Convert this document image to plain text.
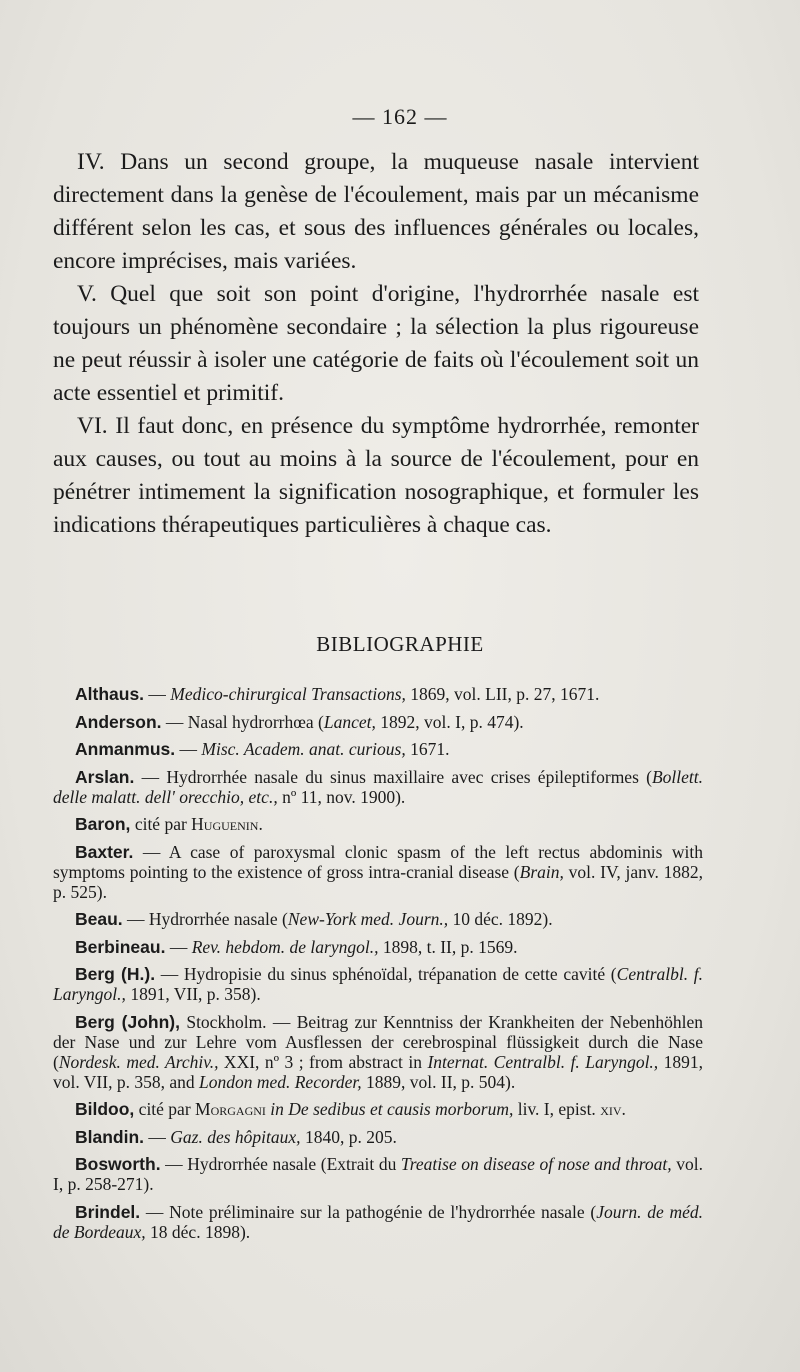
— 162 —

IV. Dans un second groupe, la muqueuse nasale intervient directement dans la genèse de l'écoulement, mais par un mécanisme différent selon les cas, et sous des influences générales ou locales, encore imprécises, mais variées.

V. Quel que soit son point d'origine, l'hydrorrhée nasale est toujours un phénomène secondaire ; la sélection la plus rigoureuse ne peut réussir à isoler une catégorie de faits où l'écoulement soit un acte essentiel et primitif.

VI. Il faut donc, en présence du symptôme hydrorrhée, remonter aux causes, ou tout au moins à la source de l'écoulement, pour en pénétrer intimement la signification nosographique, et formuler les indications thérapeutiques particulières à chaque cas.

BIBLIOGRAPHIE

Althaus. — Medico-chirurgical Transactions, 1869, vol. LII, p. 27, 1671.

Anderson. — Nasal hydrorrhœa (Lancet, 1892, vol. I, p. 474).

Anmanmus. — Misc. Academ. anat. curious, 1671.

Arslan. — Hydrorrhée nasale du sinus maxillaire avec crises épileptiformes (Bollett. delle malatt. dell' orecchio, etc., nº 11, nov. 1900).

Baron, cité par Huguenin.

Baxter. — A case of paroxysmal clonic spasm of the left rectus abdominis with symptoms pointing to the existence of gross intra-cranial disease (Brain, vol. IV, janv. 1882, p. 525).

Beau. — Hydrorrhée nasale (New-York med. Journ., 10 déc. 1892).

Berbineau. — Rev. hebdom. de laryngol., 1898, t. II, p. 1569.

Berg (H.). — Hydropisie du sinus sphénoïdal, trépanation de cette cavité (Centralbl. f. Laryngol., 1891, VII, p. 358).

Berg (John), Stockholm. — Beitrag zur Kenntniss der Krankheiten der Nebenhöhlen der Nase und zur Lehre vom Ausflessen der cerebrospinal flüssigkeit durch die Nase (Nordesk. med. Archiv., XXI, nº 3 ; from abstract in Internat. Centralbl. f. Laryngol., 1891, vol. VII, p. 358, and London med. Recorder, 1889, vol. II, p. 504).

Bildoo, cité par Morgagni in De sedibus et causis morborum, liv. I, epist. xiv.

Blandin. — Gaz. des hôpitaux, 1840, p. 205.

Bosworth. — Hydrorrhée nasale (Extrait du Treatise on disease of nose and throat, vol. I, p. 258-271).

Brindel. — Note préliminaire sur la pathogénie de l'hydrorrhée nasale (Journ. de méd. de Bordeaux, 18 déc. 1898).
